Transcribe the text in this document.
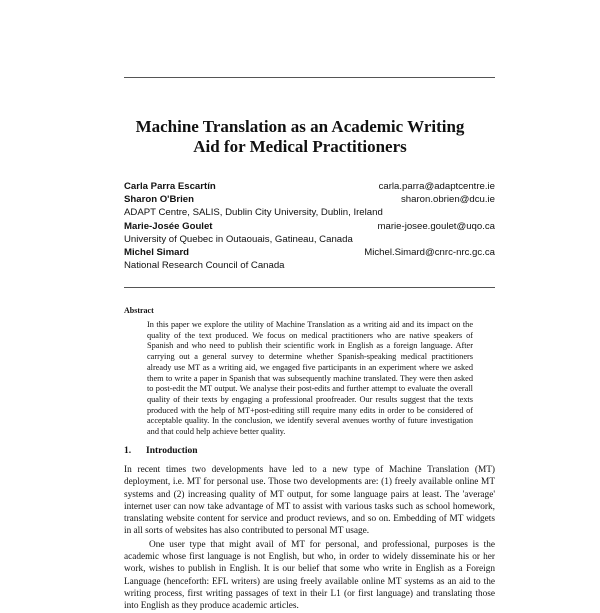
Machine Translation as an Academic Writing
Aid for Medical Practitioners
Carla Parra Escartín	carla.parra@adaptcentre.ie
Sharon O'Brien	sharon.obrien@dcu.ie
ADAPT Centre, SALIS, Dublin City University, Dublin, Ireland
Marie-Josée Goulet	marie-josee.goulet@uqo.ca
University of Quebec in Outaouais, Gatineau, Canada
Michel Simard	Michel.Simard@cnrc-nrc.gc.ca
National Research Council of Canada
Abstract
In this paper we explore the utility of Machine Translation as a writing aid and its impact on the quality of the text produced. We focus on medical practitioners who are native speakers of Spanish and who need to publish their scientific work in English as a foreign language. After carrying out a general survey to determine whether Spanish-speaking medical practitioners already use MT as a writing aid, we engaged five participants in an experiment where we asked them to write a paper in Spanish that was subsequently machine translated. They were then asked to post-edit the MT output. We analyse their post-edits and further attempt to evaluate the overall quality of their texts by engaging a professional proofreader. Our results suggest that the texts produced with the help of MT+post-editing still require many edits in order to be considered of acceptable quality. In the conclusion, we identify several avenues worthy of future investigation and that could help achieve better quality.
1. Introduction

In recent times two developments have led to a new type of Machine Translation (MT) deployment, i.e. MT for personal use. Those two developments are: (1) freely available online MT systems and (2) increasing quality of MT output, for some language pairs at least. The 'average' internet user can now take advantage of MT to assist with various tasks such as school homework, translating website content for service and product reviews, and so on. Embedding of MT widgets in all sorts of websites has also contributed to personal MT usage.

One user type that might avail of MT for personal, and professional, purposes is the academic whose first language is not English, but who, in order to widely disseminate his or her work, wishes to publish in English. It is our belief that some who write in English as a Foreign Language (henceforth: EFL writers) are using freely available online MT systems as an aid to the writing process, first writing passages of text in their L1 (or first language) and translating those into English as they produce academic articles.
